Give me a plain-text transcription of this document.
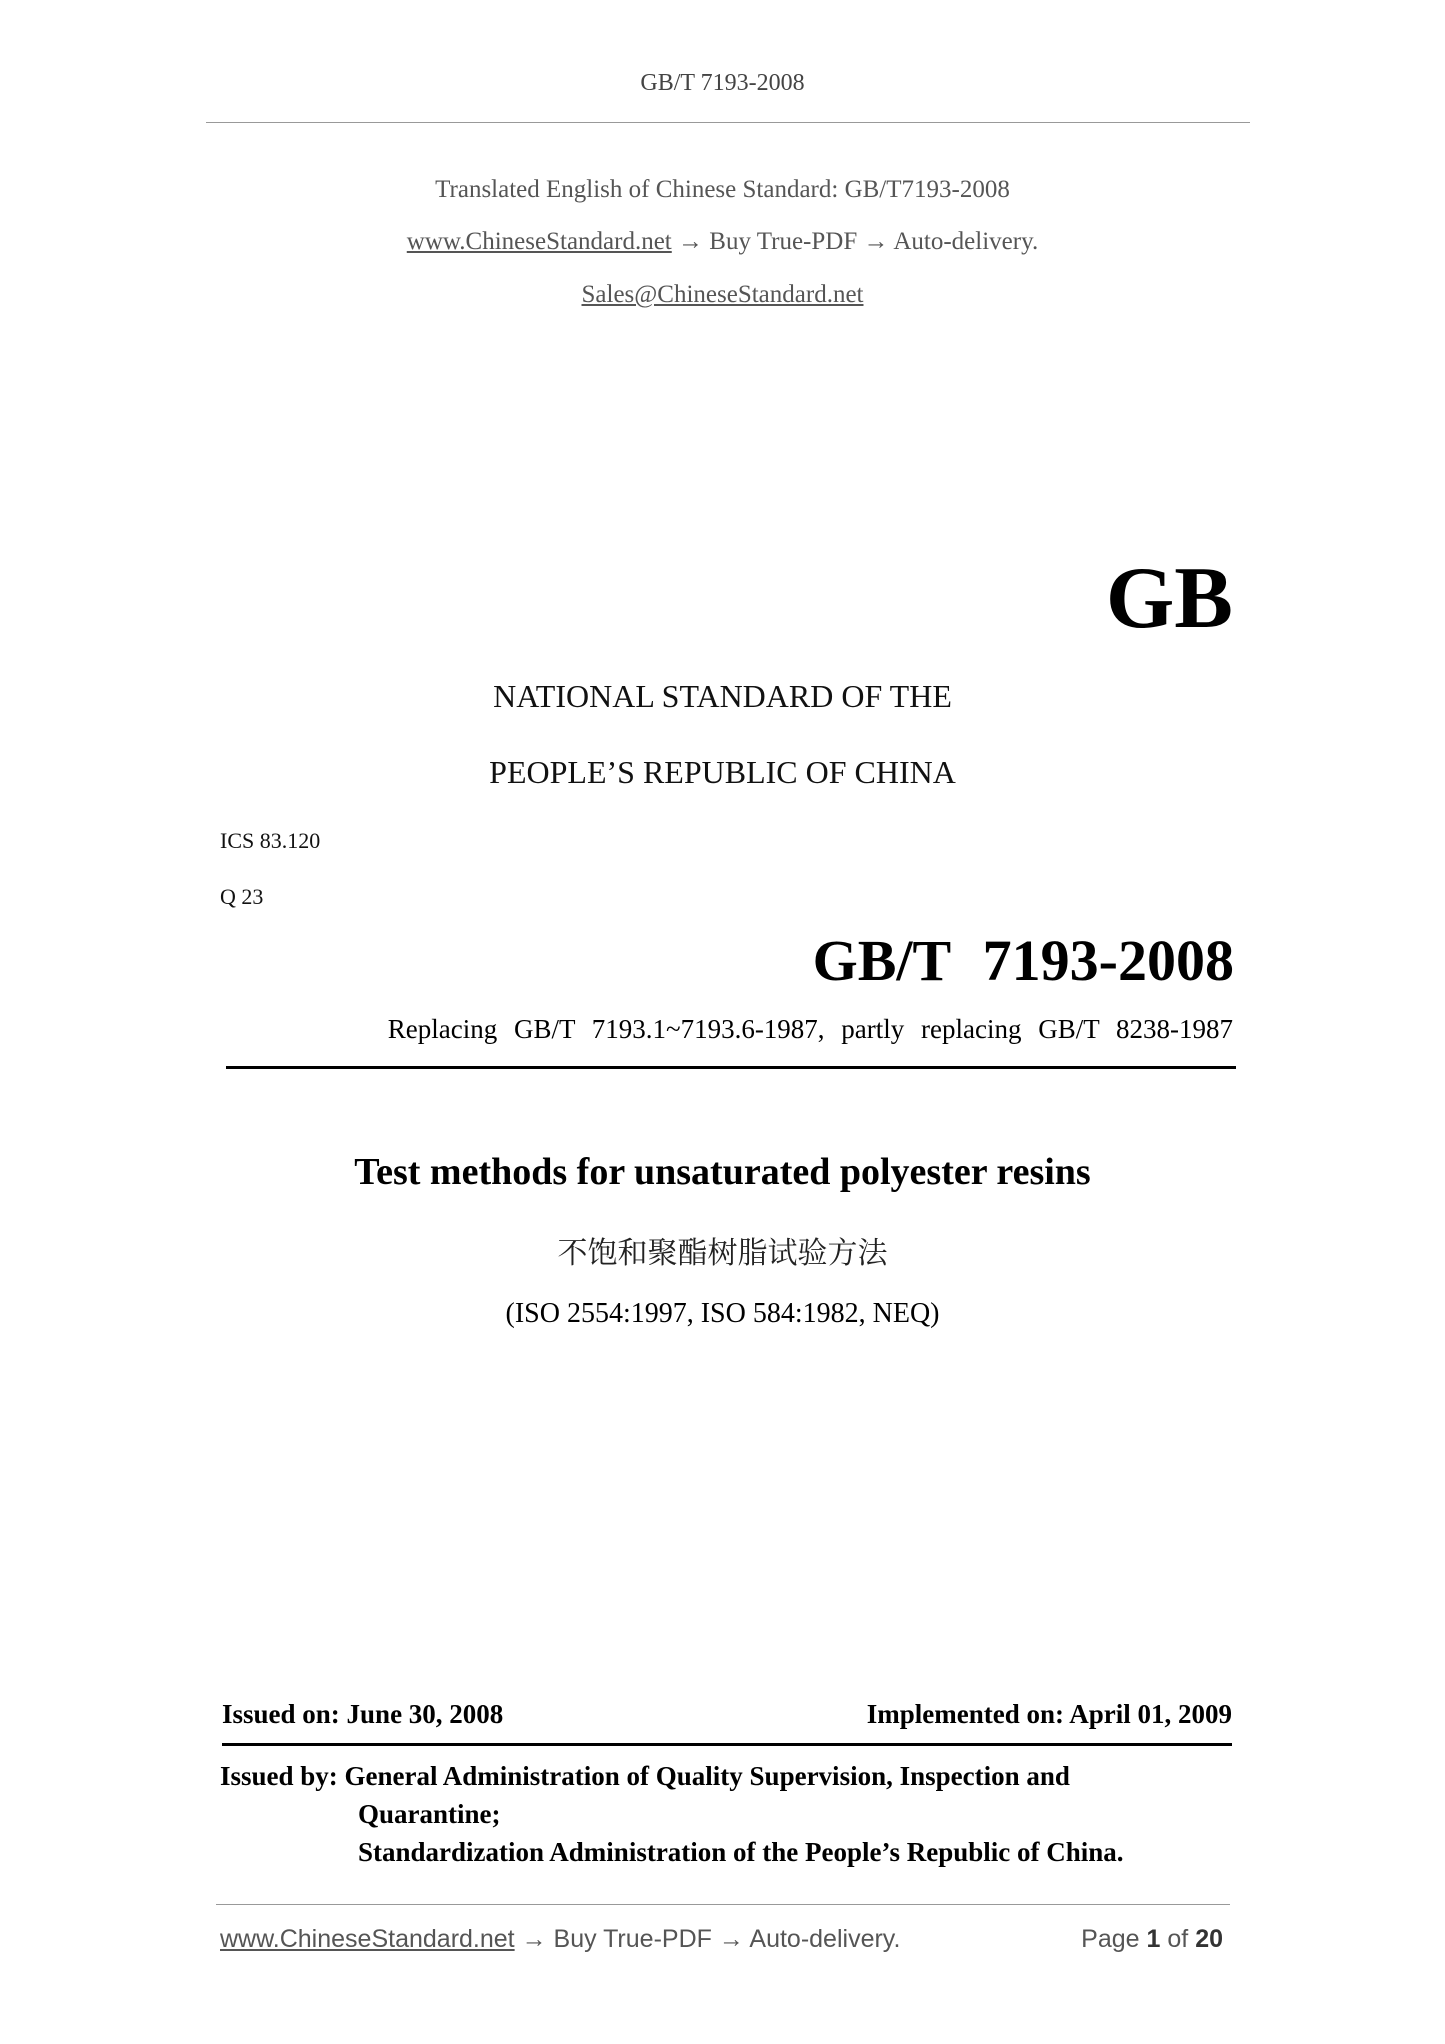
GB/T 7193-2008
Translated English of Chinese Standard: GB/T7193-2008
www.ChineseStandard.net → Buy True-PDF → Auto-delivery.
Sales@ChineseStandard.net
GB
NATIONAL STANDARD OF THE
PEOPLE’S REPUBLIC OF CHINA
ICS 83.120
Q 23
GB/T 7193-2008
Replacing GB/T 7193.1~7193.6-1987, partly replacing GB/T 8238-1987
Test methods for unsaturated polyester resins
不饱和聚酯树脂试验方法
(ISO 2554:1997, ISO 584:1982, NEQ)
Issued on: June 30, 2008	Implemented on: April 01, 2009
Issued by: General Administration of Quality Supervision, Inspection and
Quarantine;
Standardization Administration of the People’s Republic of China.
www.ChineseStandard.net → Buy True-PDF → Auto-delivery.	Page 1 of 20
